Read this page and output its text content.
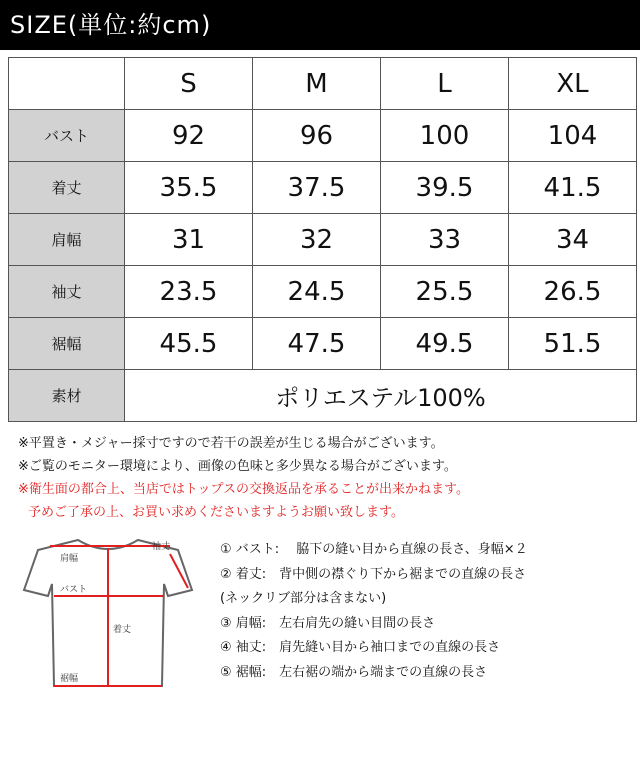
SIZE(単位:約cm)
	S	M	L	XL
バスト	92	96	100	104
着丈	35.5	37.5	39.5	41.5
肩幅	31	32	33	34
袖丈	23.5	24.5	25.5	26.5
裾幅	45.5	47.5	49.5	51.5
素材	ポリエステル100%			
※平置き・メジャー採寸ですので若干の誤差が生じる場合がございます。
※ご覧のモニター環境により、画像の色味と多少異なる場合がございます。
※衛生面の都合上、当店ではトップスの交換返品を承ることが出来かねます。
予めご了承の上、お買い求めくださいますようお願い致します。
肩幅
袖丈
バスト
着丈
裾幅
① バスト:　 脇下の縫い目から直線の長さ、身幅×２
② 着丈:　背中側の襟ぐり下から裾までの直線の長さ
(ネックリブ部分は含まない)
③ 肩幅:　左右肩先の縫い目間の長さ
④ 袖丈:　肩先縫い目から袖口までの直線の長さ
⑤ 裾幅:　左右裾の端から端までの直線の長さ
